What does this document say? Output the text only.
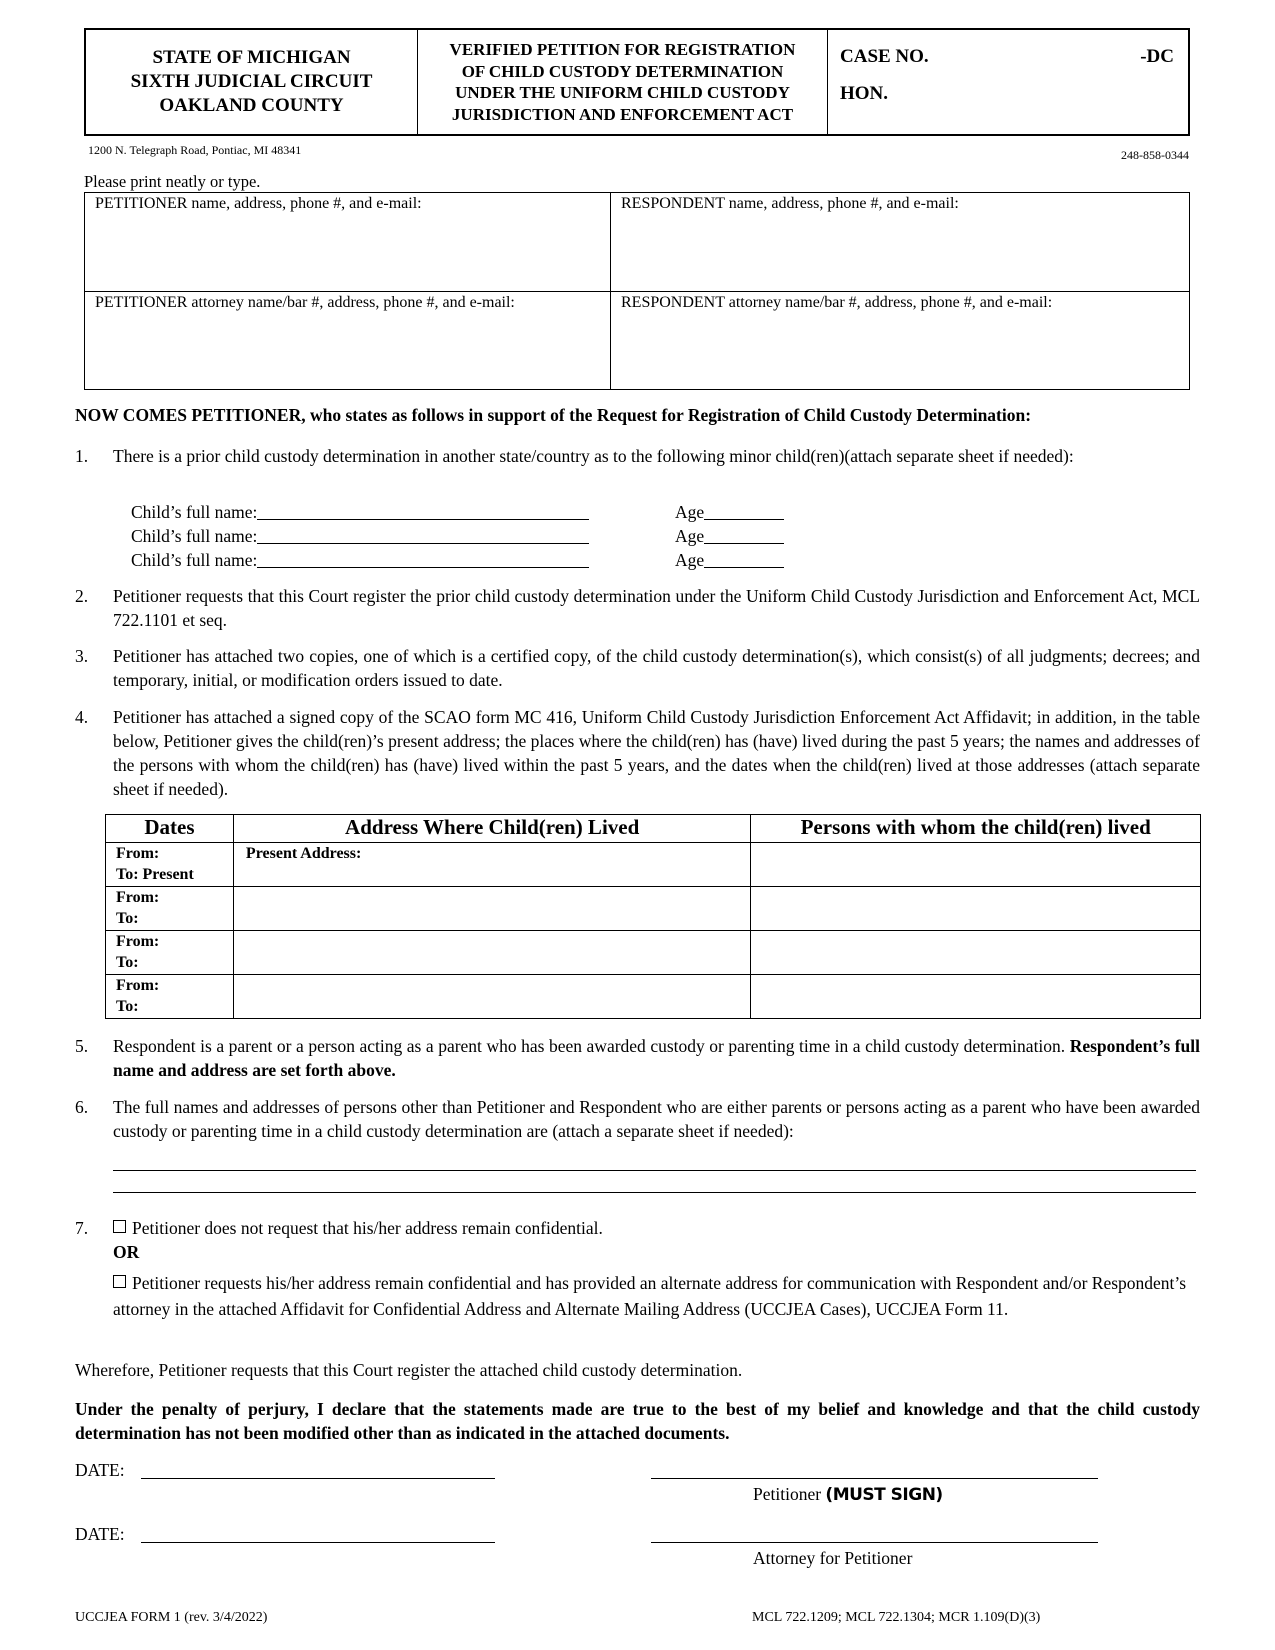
STATE OF MICHIGAN
SIXTH JUDICIAL CIRCUIT
OAKLAND COUNTY
VERIFIED PETITION FOR REGISTRATION
OF CHILD CUSTODY DETERMINATION
UNDER THE UNIFORM CHILD CUSTODY
JURISDICTION AND ENFORCEMENT ACT
CASE NO.	-DC
HON.
1200 N. Telegraph Road, Pontiac, MI 48341	248-858-0344
Please print neatly or type.
PETITIONER name, address, phone #, and e-mail:	RESPONDENT name, address, phone #, and e-mail:
PETITIONER attorney name/bar #, address, phone #, and e-mail:	RESPONDENT attorney name/bar #, address, phone #, and e-mail:
NOW COMES PETITIONER, who states as follows in support of the Request for Registration of Child Custody Determination:
1. There is a prior child custody determination in another state/country as to the following minor child(ren)(attach separate sheet if needed):
Child’s full name:	Age
Child’s full name:	Age
Child’s full name:	Age
2. Petitioner requests that this Court register the prior child custody determination under the Uniform Child Custody Jurisdiction and Enforcement Act, MCL 722.1101 et seq.
3. Petitioner has attached two copies, one of which is a certified copy, of the child custody determination(s), which consist(s) of all judgments; decrees; and temporary, initial, or modification orders issued to date.
4. Petitioner has attached a signed copy of the SCAO form MC 416, Uniform Child Custody Jurisdiction Enforcement Act Affidavit; in addition, in the table below, Petitioner gives the child(ren)’s present address; the places where the child(ren) has (have) lived during the past 5 years; the names and addresses of the persons with whom the child(ren) has (have) lived within the past 5 years, and the dates when the child(ren) lived at those addresses (attach separate sheet if needed).
Dates	Address Where Child(ren) Lived	Persons with whom the child(ren) lived

From:
To: Present	Present Address:	

From:
To:		

From:
To:		

From:
To:		

5. Respondent is a parent or a person acting as a parent who has been awarded custody or parenting time in a child custody determination. Respondent’s full name and address are set forth above.
6. The full names and addresses of persons other than Petitioner and Respondent who are either parents or persons acting as a parent who have been awarded custody or parenting time in a child custody determination are (attach a separate sheet if needed):
7.	Petitioner does not request that his/her address remain confidential.
OR
Petitioner requests his/her address remain confidential and has provided an alternate address for communication with Respondent and/or Respondent’s attorney in the attached Affidavit for Confidential Address and Alternate Mailing Address (UCCJEA Cases), UCCJEA Form 11.
Wherefore, Petitioner requests that this Court register the attached child custody determination.
Under the penalty of perjury, I declare that the statements made are true to the best of my belief and knowledge and that the child custody determination has not been modified other than as indicated in the attached documents.
DATE:
Petitioner (MUST SIGN)
DATE:
Attorney for Petitioner
UCCJEA FORM 1 (rev. 3/4/2022)	MCL 722.1209; MCL 722.1304; MCR 1.109(D)(3)
